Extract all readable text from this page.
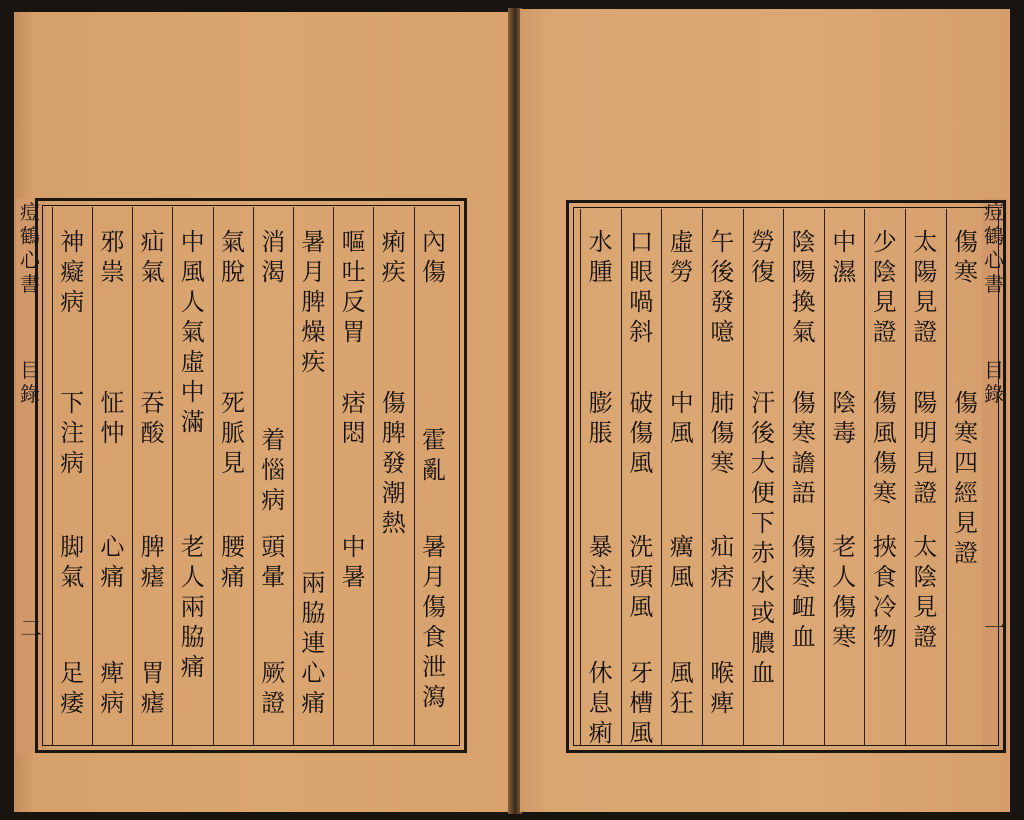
痘
鶴
心
書
目
錄
二
痘
鶴
心
書
目
錄
一
內
傷
霍
亂
暑
月
傷
食
泄
瀉
痢
疾
傷
脾
發
潮
熱
嘔
吐
反
胃
痞
悶
中
暑
暑
月
脾
燥
疾
兩
脇
連
心
痛
消
渴
着
惱
病
頭
暈
厥
證
氣
脫
死
脈
見
腰
痛
中
風
人
氣
虛
中
滿
老
人
兩
脇
痛
疝
氣
吞
酸
脾
瘧
胃
瘧
邪
祟
怔
忡
心
痛
痺
病
神
癡
病
下
注
病
脚
氣
足
痿
傷
寒
傷
寒
四
經
見
證
太
陽
見
證
陽
明
見
證
太
陰
見
證
少
陰
見
證
傷
風
傷
寒
挾
食
冷
物
中
濕
陰
毒
老
人
傷
寒
陰
陽
換
氣
傷
寒
譫
語
傷
寒
衄
血
勞
復
汗
後
大
便
下
赤
水
或
膿
血
午
後
發
噫
肺
傷
寒
疝
痞
喉
痺
虛
勞
中
風
癘
風
風
狂
口
眼
喎
斜
破
傷
風
洗
頭
風
牙
槽
風
水
腫
膨
脹
暴
注
休
息
痢
